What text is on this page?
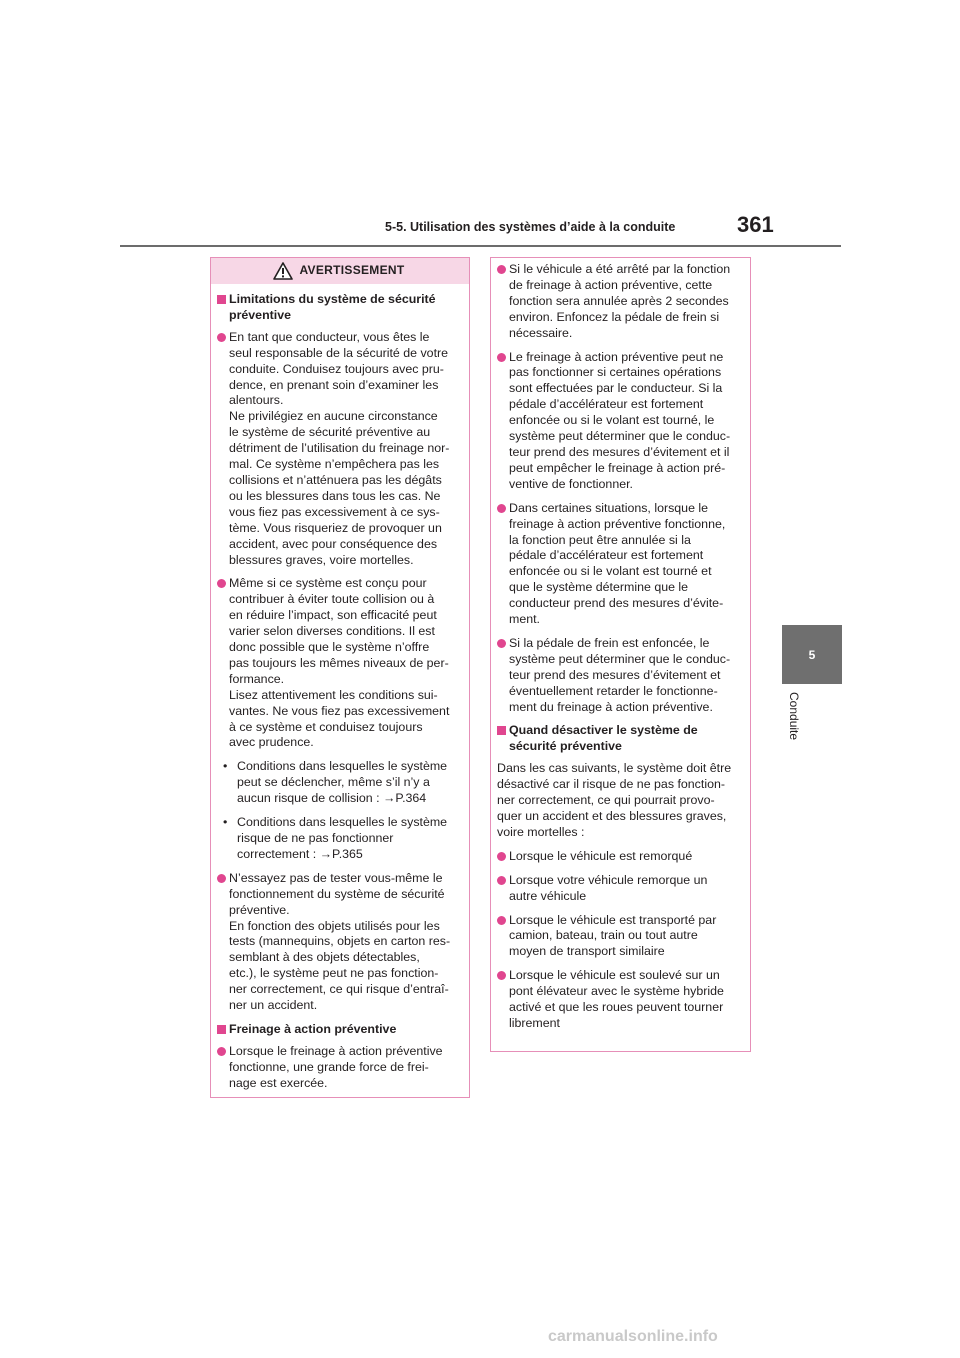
5-5. Utilisation des systèmes d’aide à la conduite	361
5
Conduite
AVERTISSEMENT
Limitations du système de sécurité
préventive
En tant que conducteur, vous êtes le
seul responsable de la sécurité de votre
conduite. Conduisez toujours avec pru-
dence, en prenant soin d’examiner les
alentours.
Ne privilégiez en aucune circonstance
le système de sécurité préventive au
détriment de l’utilisation du freinage nor-
mal. Ce système n’empêchera pas les
collisions et n’atténuera pas les dégâts
ou les blessures dans tous les cas. Ne
vous fiez pas excessivement à ce sys-
tème. Vous risqueriez de provoquer un
accident, avec pour conséquence des
blessures graves, voire mortelles.
Même si ce système est conçu pour
contribuer à éviter toute collision ou à
en réduire l’impact, son efficacité peut
varier selon diverses conditions. Il est
donc possible que le système n’offre
pas toujours les mêmes niveaux de per-
formance.
Lisez attentivement les conditions sui-
vantes. Ne vous fiez pas excessivement
à ce système et conduisez toujours
avec prudence.
• Conditions dans lesquelles le système
peut se déclencher, même s’il n’y a
aucun risque de collision : →P.364
• Conditions dans lesquelles le système
risque de ne pas fonctionner
correctement : →P.365
N’essayez pas de tester vous-même le
fonctionnement du système de sécurité
préventive.
En fonction des objets utilisés pour les
tests (mannequins, objets en carton res-
semblant à des objets détectables,
etc.), le système peut ne pas fonction-
ner correctement, ce qui risque d’entraî-
ner un accident.
Freinage à action préventive
Lorsque le freinage à action préventive
fonctionne, une grande force de frei-
nage est exercée.
Si le véhicule a été arrêté par la fonction
de freinage à action préventive, cette
fonction sera annulée après 2 secondes
environ. Enfoncez la pédale de frein si
nécessaire.
Le freinage à action préventive peut ne
pas fonctionner si certaines opérations
sont effectuées par le conducteur. Si la
pédale d’accélérateur est fortement
enfoncée ou si le volant est tourné, le
système peut déterminer que le conduc-
teur prend des mesures d’évitement et il
peut empêcher le freinage à action pré-
ventive de fonctionner.
Dans certaines situations, lorsque le
freinage à action préventive fonctionne,
la fonction peut être annulée si la
pédale d’accélérateur est fortement
enfoncée ou si le volant est tourné et
que le système détermine que le
conducteur prend des mesures d’évite-
ment.
Si la pédale de frein est enfoncée, le
système peut déterminer que le conduc-
teur prend des mesures d’évitement et
éventuellement retarder le fonctionne-
ment du freinage à action préventive.
Quand désactiver le système de
sécurité préventive
Dans les cas suivants, le système doit être
désactivé car il risque de ne pas fonction-
ner correctement, ce qui pourrait provo-
quer un accident et des blessures graves,
voire mortelles :
Lorsque le véhicule est remorqué
Lorsque votre véhicule remorque un
autre véhicule
Lorsque le véhicule est transporté par
camion, bateau, train ou tout autre
moyen de transport similaire
Lorsque le véhicule est soulevé sur un
pont élévateur avec le système hybride
activé et que les roues peuvent tourner
librement
carmanualsonline.info
